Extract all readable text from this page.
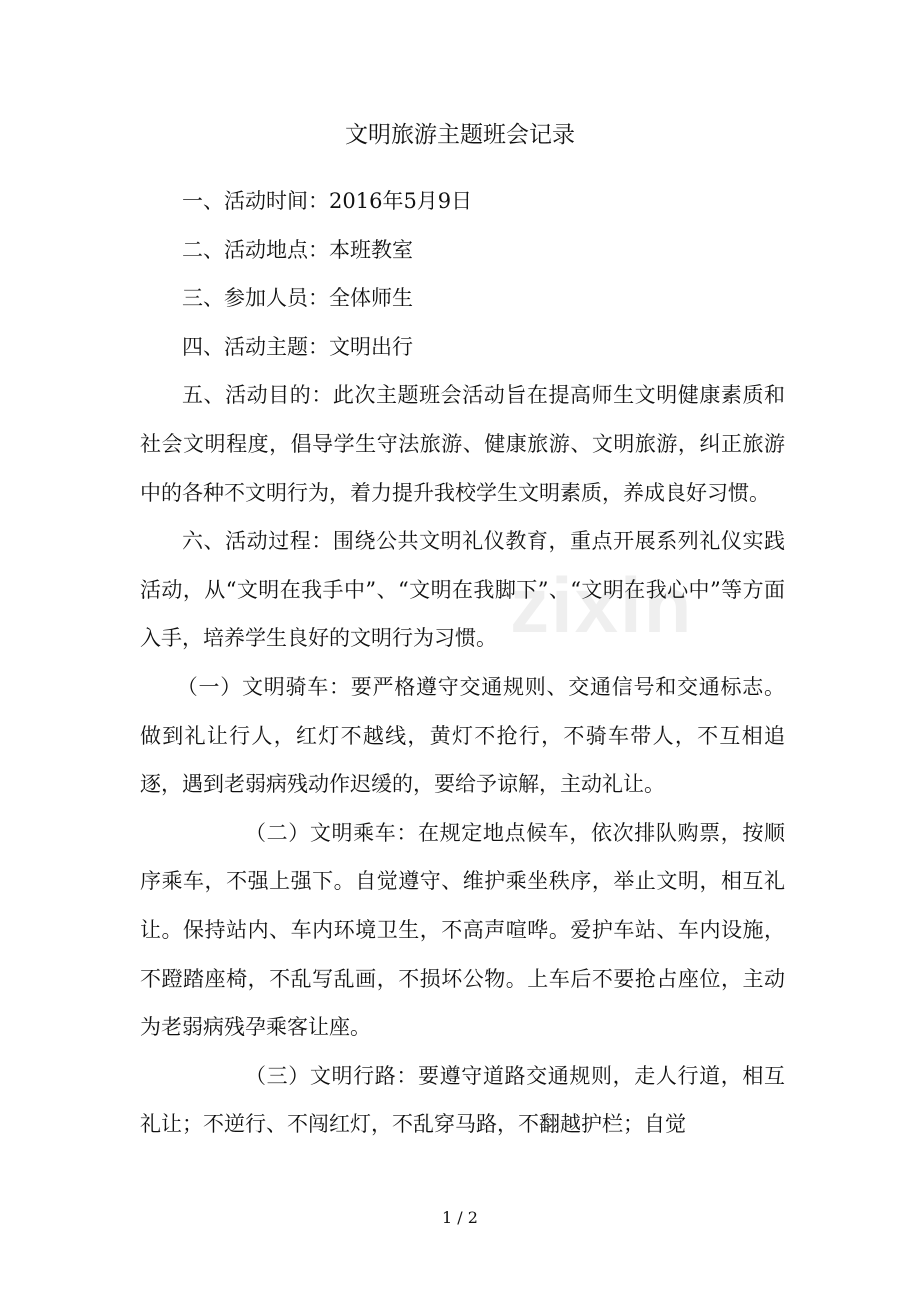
zixin
文明旅游主题班会记录

一、活动时间：2016年5月9日

二、活动地点：本班教室

三、参加人员：全体师生

四、活动主题：文明出行

五、活动目的：此次主题班会活动旨在提高师生文明健康素质和社会文明程度，倡导学生守法旅游、健康旅游、文明旅游，纠正旅游中的各种不文明行为，着力提升我校学生文明素质，养成良好习惯。

六、活动过程：围绕公共文明礼仪教育，重点开展系列礼仪实践活动，从“文明在我手中”、“文明在我脚下”、“文明在我心中”等方面入手，培养学生良好的文明行为习惯。

（一）文明骑车：要严格遵守交通规则、交通信号和交通标志。做到礼让行人，红灯不越线，黄灯不抢行，不骑车带人，不互相追逐，遇到老弱病残动作迟缓的，要给予谅解，主动礼让。

（二）文明乘车：在规定地点候车，依次排队购票，按顺序乘车，不强上强下。自觉遵守、维护乘坐秩序，举止文明，相互礼让。保持站内、车内环境卫生，不高声喧哗。爱护车站、车内设施，不蹬踏座椅，不乱写乱画，不损坏公物。上车后不要抢占座位，主动为老弱病残孕乘客让座。

（三）文明行路：要遵守道路交通规则，走人行道，相互礼让；不逆行、不闯红灯，不乱穿马路，不翻越护栏；自觉

1 / 2
